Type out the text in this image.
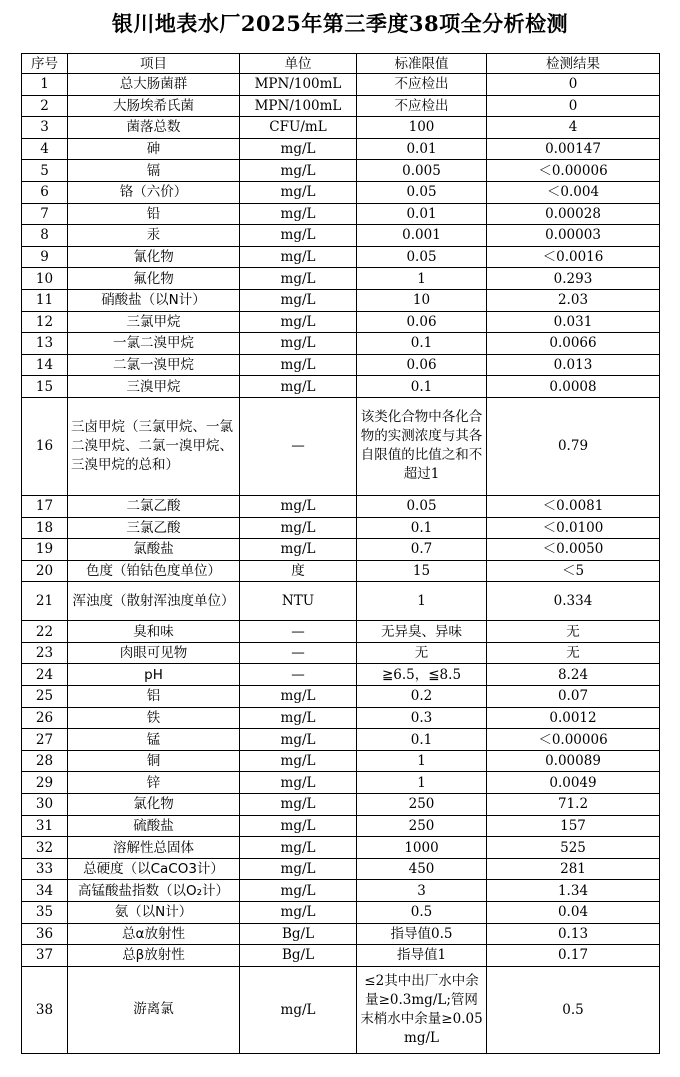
银川地表水厂2025年第三季度38项全分析检测
序号	项目	单位	标准限值	检测结果
1	总大肠菌群	MPN/100mL	不应检出	0
2	大肠埃希氏菌	MPN/100mL	不应检出	0
3	菌落总数	CFU/mL	100	4
4	砷	mg/L	0.01	0.00147
5	镉	mg/L	0.005	＜0.00006
6	铬（六价）	mg/L	0.05	＜0.004
7	铅	mg/L	0.01	0.00028
8	汞	mg/L	0.001	0.00003
9	氰化物	mg/L	0.05	＜0.0016
10	氟化物	mg/L	1	0.293
11	硝酸盐（以N计）	mg/L	10	2.03
12	三氯甲烷	mg/L	0.06	0.031
13	一氯二溴甲烷	mg/L	0.1	0.0066
14	二氯一溴甲烷	mg/L	0.06	0.013
15	三溴甲烷	mg/L	0.1	0.0008
16	三卤甲烷（三氯甲烷、一氯二溴甲烷、二氯一溴甲烷、三溴甲烷的总和）	—	该类化合物中各化合物的实测浓度与其各自限值的比值之和不超过1	0.79
17	二氯乙酸	mg/L	0.05	＜0.0081
18	三氯乙酸	mg/L	0.1	＜0.0100
19	氯酸盐	mg/L	0.7	＜0.0050
20	色度（铂钴色度单位）	度	15	＜5
21	浑浊度（散射浑浊度单位）	NTU	1	0.334
22	臭和味	—	无异臭、异味	无
23	肉眼可见物	—	无	无
24	pH	—	≧6.5，≦8.5	8.24
25	铝	mg/L	0.2	0.07
26	铁	mg/L	0.3	0.0012
27	锰	mg/L	0.1	＜0.00006
28	铜	mg/L	1	0.00089
29	锌	mg/L	1	0.0049
30	氯化物	mg/L	250	71.2
31	硫酸盐	mg/L	250	157
32	溶解性总固体	mg/L	1000	525
33	总硬度（以CaCO3计）	mg/L	450	281
34	高锰酸盐指数（以O₂计）	mg/L	3	1.34
35	氨（以N计）	mg/L	0.5	0.04
36	总α放射性	Bg/L	指导值0.5	0.13
37	总β放射性	Bg/L	指导值1	0.17
38	游离氯	mg/L	≤2其中出厂水中余量≥0.3mg/L;管网末梢水中余量≥0.05 mg/L	0.5
